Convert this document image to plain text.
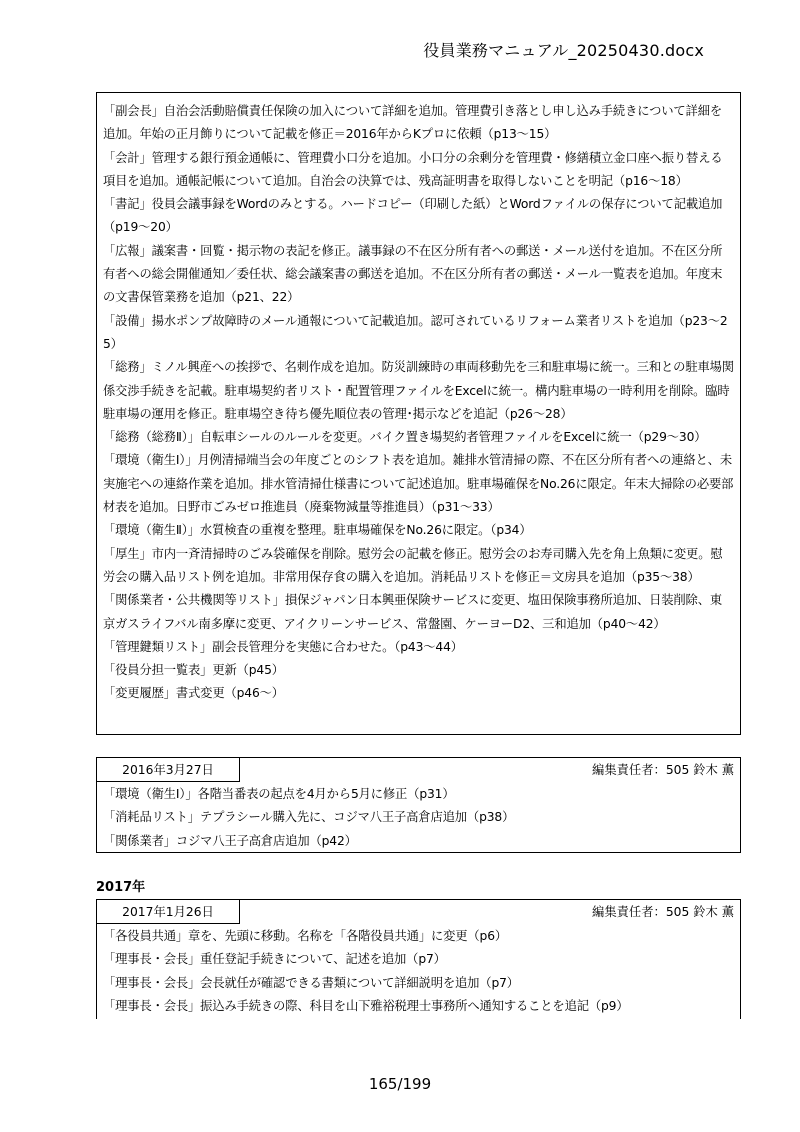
役員業務マニュアル_20250430.docx
「副会長」自治会活動賠償責任保険の加入について詳細を追加。管理費引き落とし申し込み手続きについて詳細を追加。年始の正月飾りについて記載を修正＝2016年からKプロに依頼（p13〜15）
「会計」管理する銀行預金通帳に、管理費小口分を追加。小口分の余剰分を管理費・修繕積立金口座へ振り替える項目を追加。通帳記帳について追加。自治会の決算では、残高証明書を取得しないことを明記（p16〜18）
「書記」役員会議事録をWordのみとする。ハードコピー（印刷した紙）とWordファイルの保存について記載追加（p19〜20）
「広報」議案書・回覧・掲示物の表記を修正。議事録の不在区分所有者への郵送・メール送付を追加。不在区分所有者への総会開催通知／委任状、総会議案書の郵送を追加。不在区分所有者の郵送・メール一覧表を追加。年度末の文書保管業務を追加（p21、22）
「設備」揚水ポンプ故障時のメール通報について記載追加。認可されているリフォーム業者リストを追加（p23〜25）
「総務」ミノル興産への挨拶で、名刺作成を追加。防災訓練時の車両移動先を三和駐車場に統一。三和との駐車場関係交渉手続きを記載。駐車場契約者リスト・配置管理ファイルをExcelに統一。構内駐車場の一時利用を削除。臨時駐車場の運用を修正。駐車場空き待ち優先順位表の管理･掲示などを追記（p26〜28）
「総務（総務Ⅱ）」自転車シールのルールを変更。バイク置き場契約者管理ファイルをExcelに統一（p29〜30）
「環境（衛生Ⅰ）」月例清掃端当会の年度ごとのシフト表を追加。雑排水管清掃の際、不在区分所有者への連絡と、未実施宅への連絡作業を追加。排水管清掃仕様書について記述追加。駐車場確保をNo.26に限定。年末大掃除の必要部材表を追加。日野市ごみゼロ推進員（廃棄物減量等推進員）（p31〜33）
「環境（衛生Ⅱ）」水質検査の重複を整理。駐車場確保をNo.26に限定。（p34）
「厚生」市内一斉清掃時のごみ袋確保を削除。慰労会の記載を修正。慰労会のお寿司購入先を角上魚類に変更。慰労会の購入品リスト例を追加。非常用保存食の購入を追加。消耗品リストを修正＝文房具を追加（p35〜38）
「関係業者・公共機関等リスト」損保ジャパン日本興亜保険サービスに変更、塩田保険事務所追加、日装削除、東京ガスライフバル南多摩に変更、アイクリーンサービス、常盤園、ケーヨーD2、三和追加（p40〜42）
「管理鍵類リスト」副会長管理分を実態に合わせた。（p43〜44）
「役員分担一覧表」更新（p45）
「変更履歴」書式変更（p46〜）
2016年3月27日	編集責任者：505 鈴木 薫
「環境（衛生Ⅰ）」各階当番表の起点を4月から5月に修正（p31）
「消耗品リスト」テプラシール購入先に、コジマ八王子高倉店追加（p38）
「関係業者」コジマ八王子高倉店追加（p42）
2017年
2017年1月26日	編集責任者：505 鈴木 薫
「各役員共通」章を、先頭に移動。名称を「各階役員共通」に変更（p6）
「理事長・会長」重任登記手続きについて、記述を追加（p7）
「理事長・会長」会長就任が確認できる書類について詳細説明を追加（p7）
「理事長・会長」振込み手続きの際、科目を山下雅裕税理士事務所へ通知することを追記（p9）
165/199
